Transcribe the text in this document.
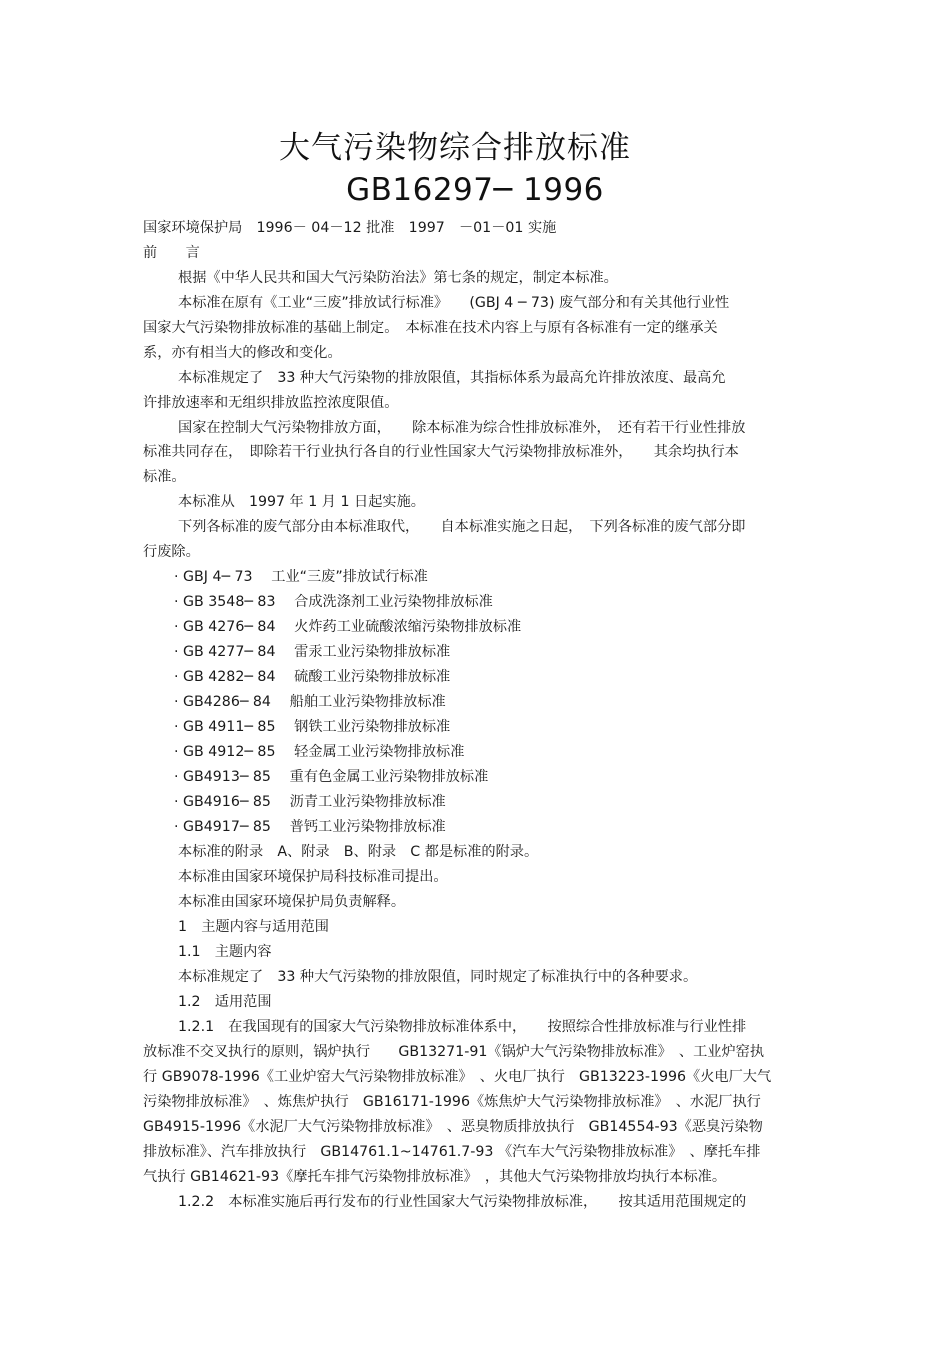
大气污染物综合排放标准
GB16297─ 1996
国家环境保护局　1996－ 04－12 批准　1997　－01－01 实施
前　　言
根据《中华人民共和国大气污染防治法》第七条的规定，制定本标准。
本标准在原有《工业“三废”排放试行标准》　　(GBJ 4 ─ 73) 废气部分和有关其他行业性
国家大气污染物排放标准的基础上制定。　本标准在技术内容上与原有各标准有一定的继承关
系，亦有相当大的修改和变化。
本标准规定了　33 种大气污染物的排放限值，其指标体系为最高允许排放浓度、最高允
许排放速率和无组织排放监控浓度限值。
国家在控制大气污染物排放方面，　　除本标准为综合性排放标准外，　还有若干行业性排放
标准共同存在，　即除若干行业执行各自的行业性国家大气污染物排放标准外，　　其余均执行本
标准。
本标准从　1997 年 1 月 1 日起实施。
下列各标准的废气部分由本标准取代，　　自本标准实施之日起，　下列各标准的废气部分即
行废除。
· GBJ 4─ 73　 工业“三废”排放试行标准
· GB 3548─ 83　 合成洗涤剂工业污染物排放标准
· GB 4276─ 84　 火炸药工业硫酸浓缩污染物排放标准
· GB 4277─ 84　 雷汞工业污染物排放标准
· GB 4282─ 84　 硫酸工业污染物排放标准
· GB4286─ 84　 船舶工业污染物排放标准
· GB 4911─ 85　 钢铁工业污染物排放标准
· GB 4912─ 85　 轻金属工业污染物排放标准
· GB4913─ 85　 重有色金属工业污染物排放标准
· GB4916─ 85　 沥青工业污染物排放标准
· GB4917─ 85　 普钙工业污染物排放标准
本标准的附录　A、附录　B、附录　C 都是标准的附录。
本标准由国家环境保护局科技标准司提出。
本标准由国家环境保护局负责解释。
1　主题内容与适用范围
1.1　主题内容
本标准规定了　33 种大气污染物的排放限值，同时规定了标准执行中的各种要求。
1.2　适用范围
1.2.1　在我国现有的国家大气污染物排放标准体系中，　　按照综合性排放标准与行业性排
放标准不交叉执行的原则，锅炉执行　　GB13271-91《锅炉大气污染物排放标准》　、工业炉窑执
行 GB9078-1996《工业炉窑大气污染物排放标准》　、火电厂执行　GB13223-1996《火电厂大气
污染物排放标准》　、炼焦炉执行　GB16171-1996《炼焦炉大气污染物排放标准》　、水泥厂执行
GB4915-1996《水泥厂大气污染物排放标准》　、恶臭物质排放执行　GB14554-93《恶臭污染物
排放标准》、汽车排放执行　GB14761.1~14761.7-93 《汽车大气污染物排放标准》　、摩托车排
气执行 GB14621-93《摩托车排气污染物排放标准》　，其他大气污染物排放均执行本标准。
1.2.2　本标准实施后再行发布的行业性国家大气污染物排放标准，　　按其适用范围规定的
